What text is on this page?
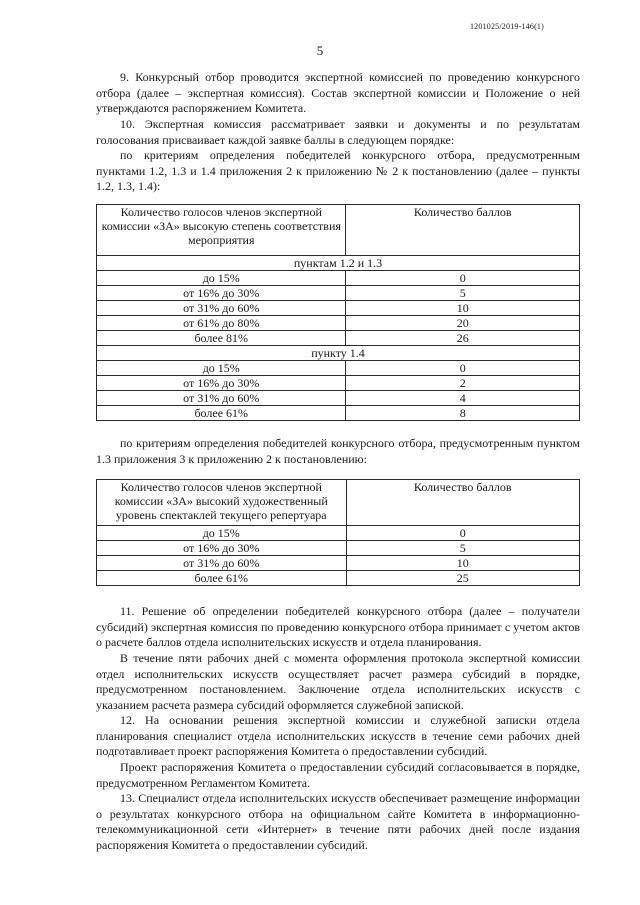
1201025/2019-146(1)
5

9. Конкурсный отбор проводится экспертной комиссией по проведению конкурсного отбора (далее – экспертная комиссия). Состав экспертной комиссии и Положение о ней утверждаются распоряжением Комитета.

10. Экспертная комиссия рассматривает заявки и документы и по результатам голосования присваивает каждой заявке баллы в следующем порядке:

по критериям определения победителей конкурсного отбора, предусмотренным пунктами 1.2, 1.3 и 1.4 приложения 2 к приложению № 2 к постановлению (далее – пункты 1.2, 1.3, 1.4):

Количество голосов членов экспертной комиссии «ЗА» высокую степень соответствия мероприятия	Количество баллов
пунктам 1.2 и 1.3	
до 15%	0
от 16% до 30%	5
от 31% до 60%	10
от 61% до 80%	20
более 81%	26
пункту 1.4	
до 15%	0
от 16% до 30%	2
от 31% до 60%	4
более 61%	8

по критериям определения победителей конкурсного отбора, предусмотренным пунктом 1.3 приложения 3 к приложению 2 к постановлению:

Количество голосов членов экспертной комиссии «ЗА» высокий художественный уровень спектаклей текущего репертуара	Количество баллов
до 15%	0
от 16% до 30%	5
от 31% до 60%	10
более 61%	25

11. Решение об определении победителей конкурсного отбора (далее – получатели субсидий) экспертная комиссия по проведению конкурсного отбора принимает с учетом актов о расчете баллов отдела исполнительских искусств и отдела планирования.

В течение пяти рабочих дней с момента оформления протокола экспертной комиссии отдел исполнительских искусств осуществляет расчет размера субсидий в порядке, предусмотренном постановлением. Заключение отдела исполнительских искусств с указанием расчета размера субсидий оформляется служебной запиской.

12. На основании решения экспертной комиссии и служебной записки отдела планирования специалист отдела исполнительских искусств в течение семи рабочих дней подготавливает проект распоряжения Комитета о предоставлении субсидий.

Проект распоряжения Комитета о предоставлении субсидий согласовывается в порядке, предусмотренном Регламентом Комитета.

13. Специалист отдела исполнительских искусств обеспечивает размещение информации о результатах конкурсного отбора на официальном сайте Комитета в информационно-телекоммуникационной сети «Интернет» в течение пяти рабочих дней после издания распоряжения Комитета о предоставлении субсидий.
